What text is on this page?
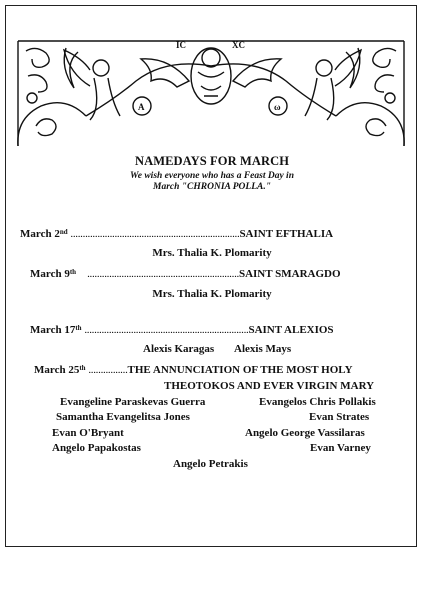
IC	XC
A	ω
NAMEDAYS FOR MARCH
We wish everyone who has a Feast Day in
March "CHRONIA POLLA."
March 2nd .....................................................................SAINT EFTHALIA
Mrs. Thalia K. Plomarity
March 9th ..............................................................SAINT SMARAGDO
Mrs. Thalia K. Plomarity
March 17th ...................................................................SAINT ALEXIOS
Alexis Karagas Alexis Mays
March 25th ................THE ANNUNCIATION OF THE MOST HOLY
THEOTOKOS AND EVER VIRGIN MARY
Evangeline Paraskevas Guerra	Evangelos Chris Pollakis
Samantha Evangelitsa Jones	Evan Strates
Evan O'Bryant	Angelo George Vassilaras
Angelo Papakostas	Evan Varney
Angelo Petrakis
